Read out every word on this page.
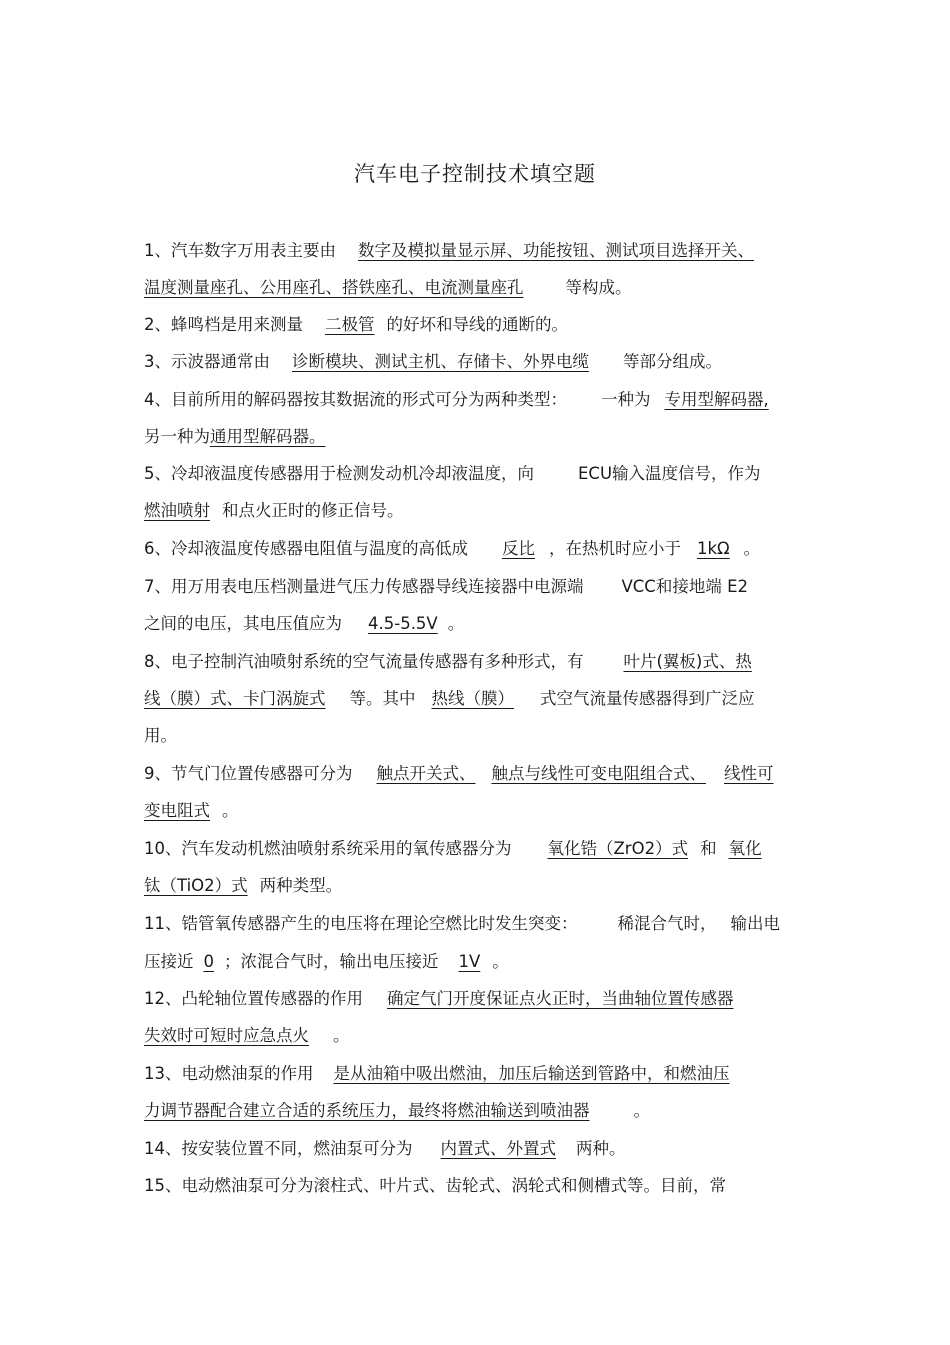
汽车电子控制技术填空题
1、汽车数字万用表主要由 数字及模拟量显示屏、功能按钮、测试项目选择开关、
温度测量座孔、公用座孔、搭铁座孔、电流测量座孔	等构成。
2、蜂鸣档是用来测量 二极管 的好坏和导线的通断的。
3、示波器通常由 诊断模块、测试主机、存储卡、外界电缆 等部分组成。
4、目前所用的解码器按其数据流的形式可分为两种类型： 一种为 专用型解码器,
另一种为通用型解码器。
5、冷却液温度传感器用于检测发动机冷却液温度，向	ECU输入温度信号，作为
燃油喷射 和点火正时的修正信号。
6、冷却液温度传感器电阻值与温度的高低成 反比 ，在热机时应小于 1kΩ 。
7、用万用表电压档测量进气压力传感器导线连接器中电源端 VCC和接地端 E2
之间的电压，其电压值应为 4.5-5.5V 。
8、电子控制汽油喷射系统的空气流量传感器有多种形式，有 叶片(翼板)式、热
线（膜）式、卡门涡旋式 等。其中 热线（膜） 式空气流量传感器得到广泛应
用。
9、节气门位置传感器可分为 触点开关式、 触点与线性可变电阻组合式、 线性可
变电阻式 。
10、汽车发动机燃油喷射系统采用的氧传感器分为 氧化锆（ZrO2）式 和 氧化
钛（TiO2）式 两种类型。
11、锆管氧传感器产生的电压将在理论空燃比时发生突变： 稀混合气时， 输出电
压接近 0 ；浓混合气时，输出电压接近 1V 。
12、凸轮轴位置传感器的作用 确定气门开度保证点火正时，当曲轴位置传感器
失效时可短时应急点火 。
13、电动燃油泵的作用 是从油箱中吸出燃油，加压后输送到管路中，和燃油压
力调节器配合建立合适的系统压力，最终将燃油输送到喷油器	。
14、按安装位置不同，燃油泵可分为 内置式、外置式 两种。
15、电动燃油泵可分为滚柱式、叶片式、齿轮式、涡轮式和侧槽式等。目前，常
